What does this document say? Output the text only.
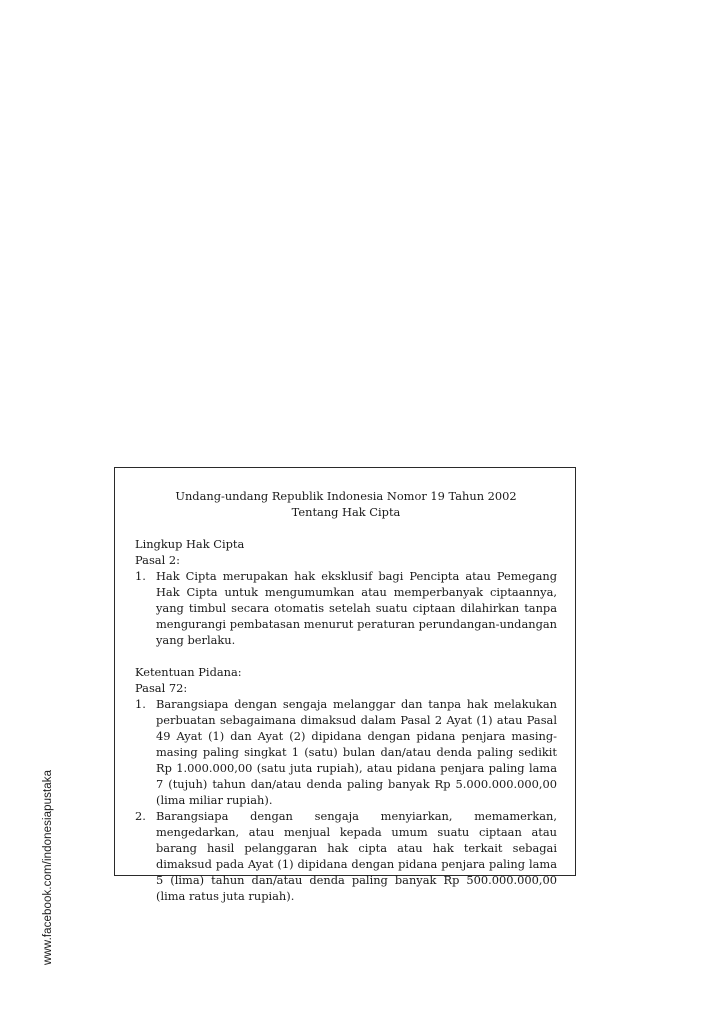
www.facebook.com/indonesiapustaka
Undang-undang Republik Indonesia Nomor 19 Tahun 2002
Tentang Hak Cipta
Lingkup Hak Cipta
Pasal 2:
1. Hak Cipta merupakan hak eksklusif bagi Pencipta atau Pemegang Hak Cipta untuk mengumumkan atau memperbanyak ciptaannya, yang timbul secara otomatis setelah suatu ciptaan dilahirkan tanpa mengurangi pembatasan menurut peraturan perundangan-undangan yang berlaku.
Ketentuan Pidana:
Pasal 72:
1. Barangsiapa dengan sengaja melanggar dan tanpa hak melakukan perbuatan sebagaimana dimaksud dalam Pasal 2 Ayat (1) atau Pasal 49 Ayat (1) dan Ayat (2) dipidana dengan pidana penjara masing-masing paling singkat 1 (satu) bulan dan/atau denda paling sedikit Rp 1.000.000,00 (satu juta rupiah), atau pidana penjara paling lama 7 (tujuh) tahun dan/atau denda paling banyak Rp 5.000.000.000,00 (lima miliar rupiah).
2. Barangsiapa dengan sengaja menyiarkan, memamerkan, mengedarkan, atau menjual kepada umum suatu ciptaan atau barang hasil pelanggaran hak cipta atau hak terkait sebagai dimaksud pada Ayat (1) dipidana dengan pidana penjara paling lama 5 (lima) tahun dan/atau denda paling banyak Rp 500.000.000,00 (lima ratus juta rupiah).
